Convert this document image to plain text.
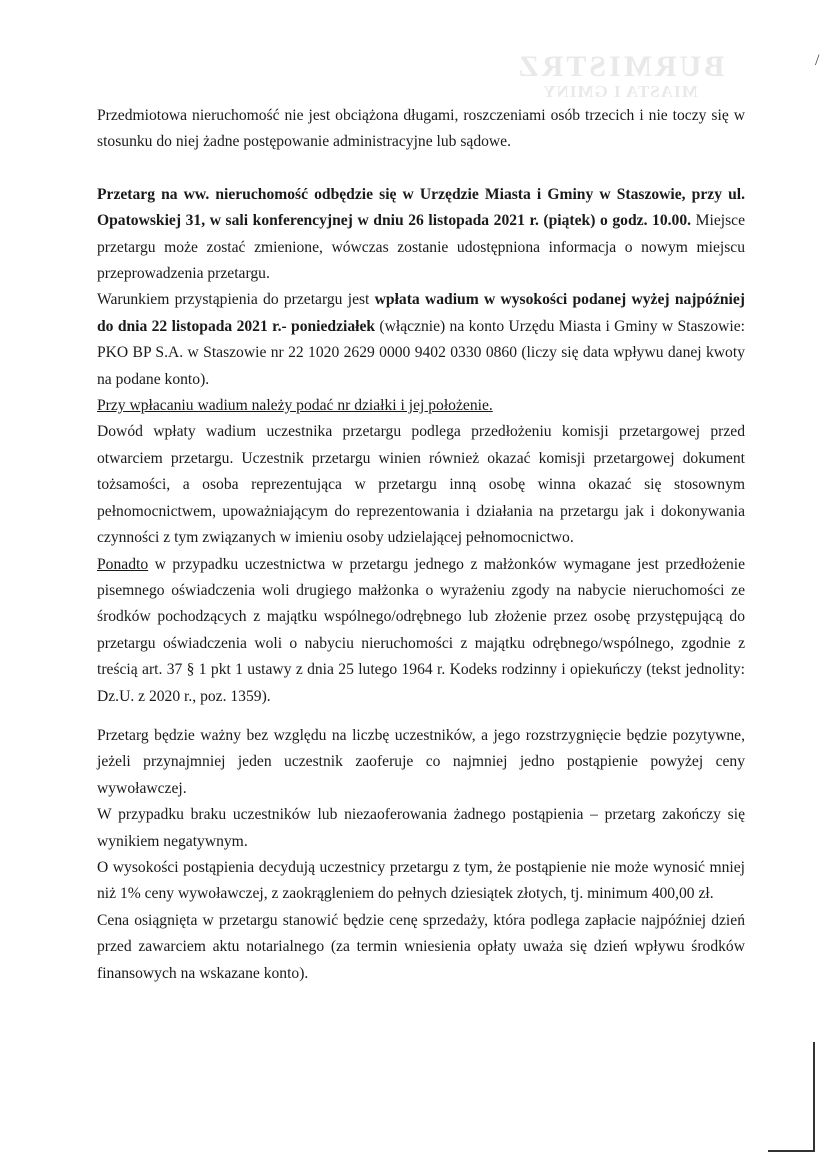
BURMISTRZ
MIASTA I GMINY
/

Przedmiotowa nieruchomość nie jest obciążona długami, roszczeniami osób trzecich i nie toczy się w stosunku do niej żadne postępowanie administracyjne lub sądowe.

Przetarg na ww. nieruchomość odbędzie się w Urzędzie Miasta i Gminy w Staszowie, przy ul. Opatowskiej 31, w sali konferencyjnej w dniu 26 listopada 2021 r. (piątek) o godz. 10.00. Miejsce przetargu może zostać zmienione, wówczas zostanie udostępniona informacja o nowym miejscu przeprowadzenia przetargu.

Warunkiem przystąpienia do przetargu jest wpłata wadium w wysokości podanej wyżej najpóźniej do dnia 22 listopada 2021 r.- poniedziałek (włącznie) na konto Urzędu Miasta i Gminy w Staszowie: PKO BP S.A. w Staszowie nr 22 1020 2629 0000 9402 0330 0860 (liczy się data wpływu danej kwoty na podane konto).

Przy wpłacaniu wadium należy podać nr działki i jej położenie.

Dowód wpłaty wadium uczestnika przetargu podlega przedłożeniu komisji przetargowej przed otwarciem przetargu. Uczestnik przetargu winien również okazać komisji przetargowej dokument tożsamości, a osoba reprezentująca w przetargu inną osobę winna okazać się stosownym pełnomocnictwem, upoważniającym do reprezentowania i działania na przetargu jak i dokonywania czynności z tym związanych w imieniu osoby udzielającej pełnomocnictwo.

Ponadto w przypadku uczestnictwa w przetargu jednego z małżonków wymagane jest przedłożenie pisemnego oświadczenia woli drugiego małżonka o wyrażeniu zgody na nabycie nieruchomości ze środków pochodzących z majątku wspólnego/odrębnego lub złożenie przez osobę przystępującą do przetargu oświadczenia woli o nabyciu nieruchomości z majątku odrębnego/wspólnego, zgodnie z treścią art. 37 § 1 pkt 1 ustawy z dnia 25 lutego 1964 r. Kodeks rodzinny i opiekuńczy (tekst jednolity: Dz.U. z 2020 r., poz. 1359).

Przetarg będzie ważny bez względu na liczbę uczestników, a jego rozstrzygnięcie będzie pozytywne, jeżeli przynajmniej jeden uczestnik zaoferuje co najmniej jedno postąpienie powyżej ceny wywoławczej.

W przypadku braku uczestników lub niezaoferowania żadnego postąpienia – przetarg zakończy się wynikiem negatywnym.

O wysokości postąpienia decydują uczestnicy przetargu z tym, że postąpienie nie może wynosić mniej niż 1% ceny wywoławczej, z zaokrągleniem do pełnych dziesiątek złotych, tj. minimum 400,00 zł.

Cena osiągnięta w przetargu stanowić będzie cenę sprzedaży, która podlega zapłacie najpóźniej dzień przed zawarciem aktu notarialnego (za termin wniesienia opłaty uważa się dzień wpływu środków finansowych na wskazane konto).
